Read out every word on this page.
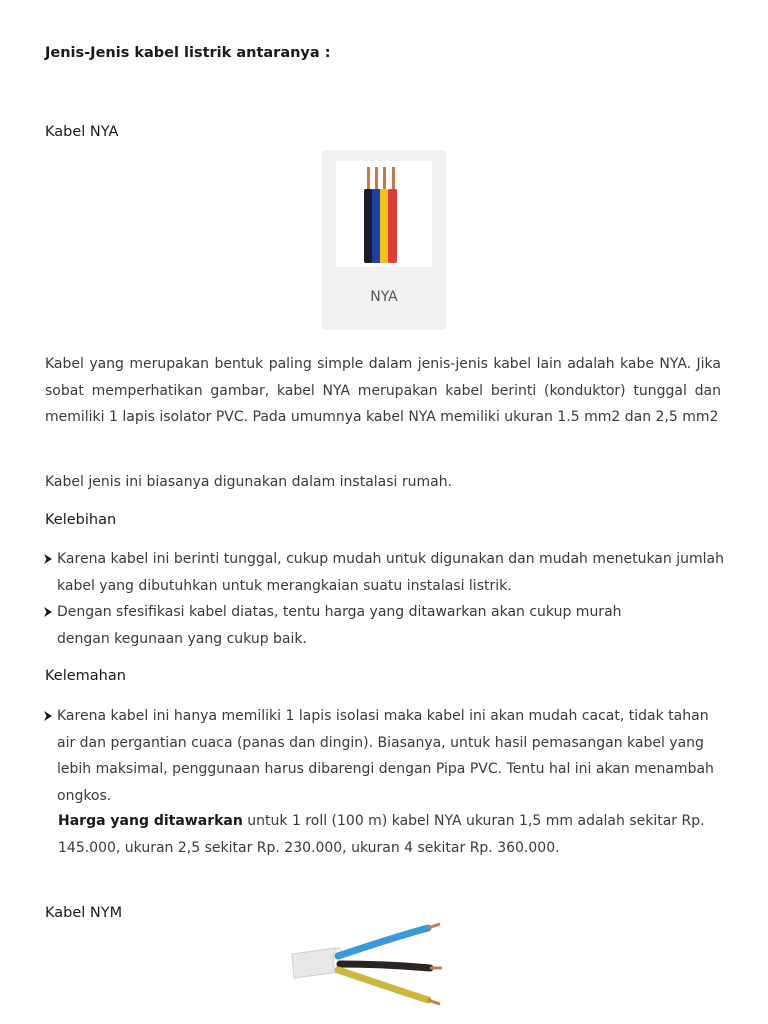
Jenis-Jenis kabel listrik antaranya :

Kabel NYA

NYA

Kabel yang merupakan bentuk paling simple dalam jenis-jenis kabel lain adalah kabe NYA. Jika sobat memperhatikan gambar, kabel NYA merupakan kabel berinti (konduktor) tunggal dan memiliki 1 lapis isolator PVC. Pada umumnya kabel NYA memiliki ukuran 1.5 mm2 dan 2,5 mm2

Kabel jenis ini biasanya digunakan dalam instalasi rumah.

Kelebihan

Karena kabel ini berinti tunggal, cukup mudah untuk digunakan dan mudah menetukan jumlah kabel yang dibutuhkan untuk merangkaian suatu instalasi listrik.
Dengan sfesifikasi kabel diatas, tentu harga yang ditawarkan akan cukup murah dengan kegunaan yang cukup baik.

Kelemahan

Karena kabel ini hanya memiliki 1 lapis isolasi maka kabel ini akan mudah cacat, tidak tahan air dan pergantian cuaca (panas dan dingin). Biasanya, untuk hasil pemasangan kabel yang lebih maksimal, penggunaan harus dibarengi dengan Pipa PVC. Tentu hal ini akan menambah ongkos.
Harga yang ditawarkan untuk 1 roll (100 m) kabel NYA ukuran 1,5 mm adalah sekitar Rp. 145.000, ukuran 2,5 sekitar Rp. 230.000, ukuran 4 sekitar Rp. 360.000.

Kabel NYM
